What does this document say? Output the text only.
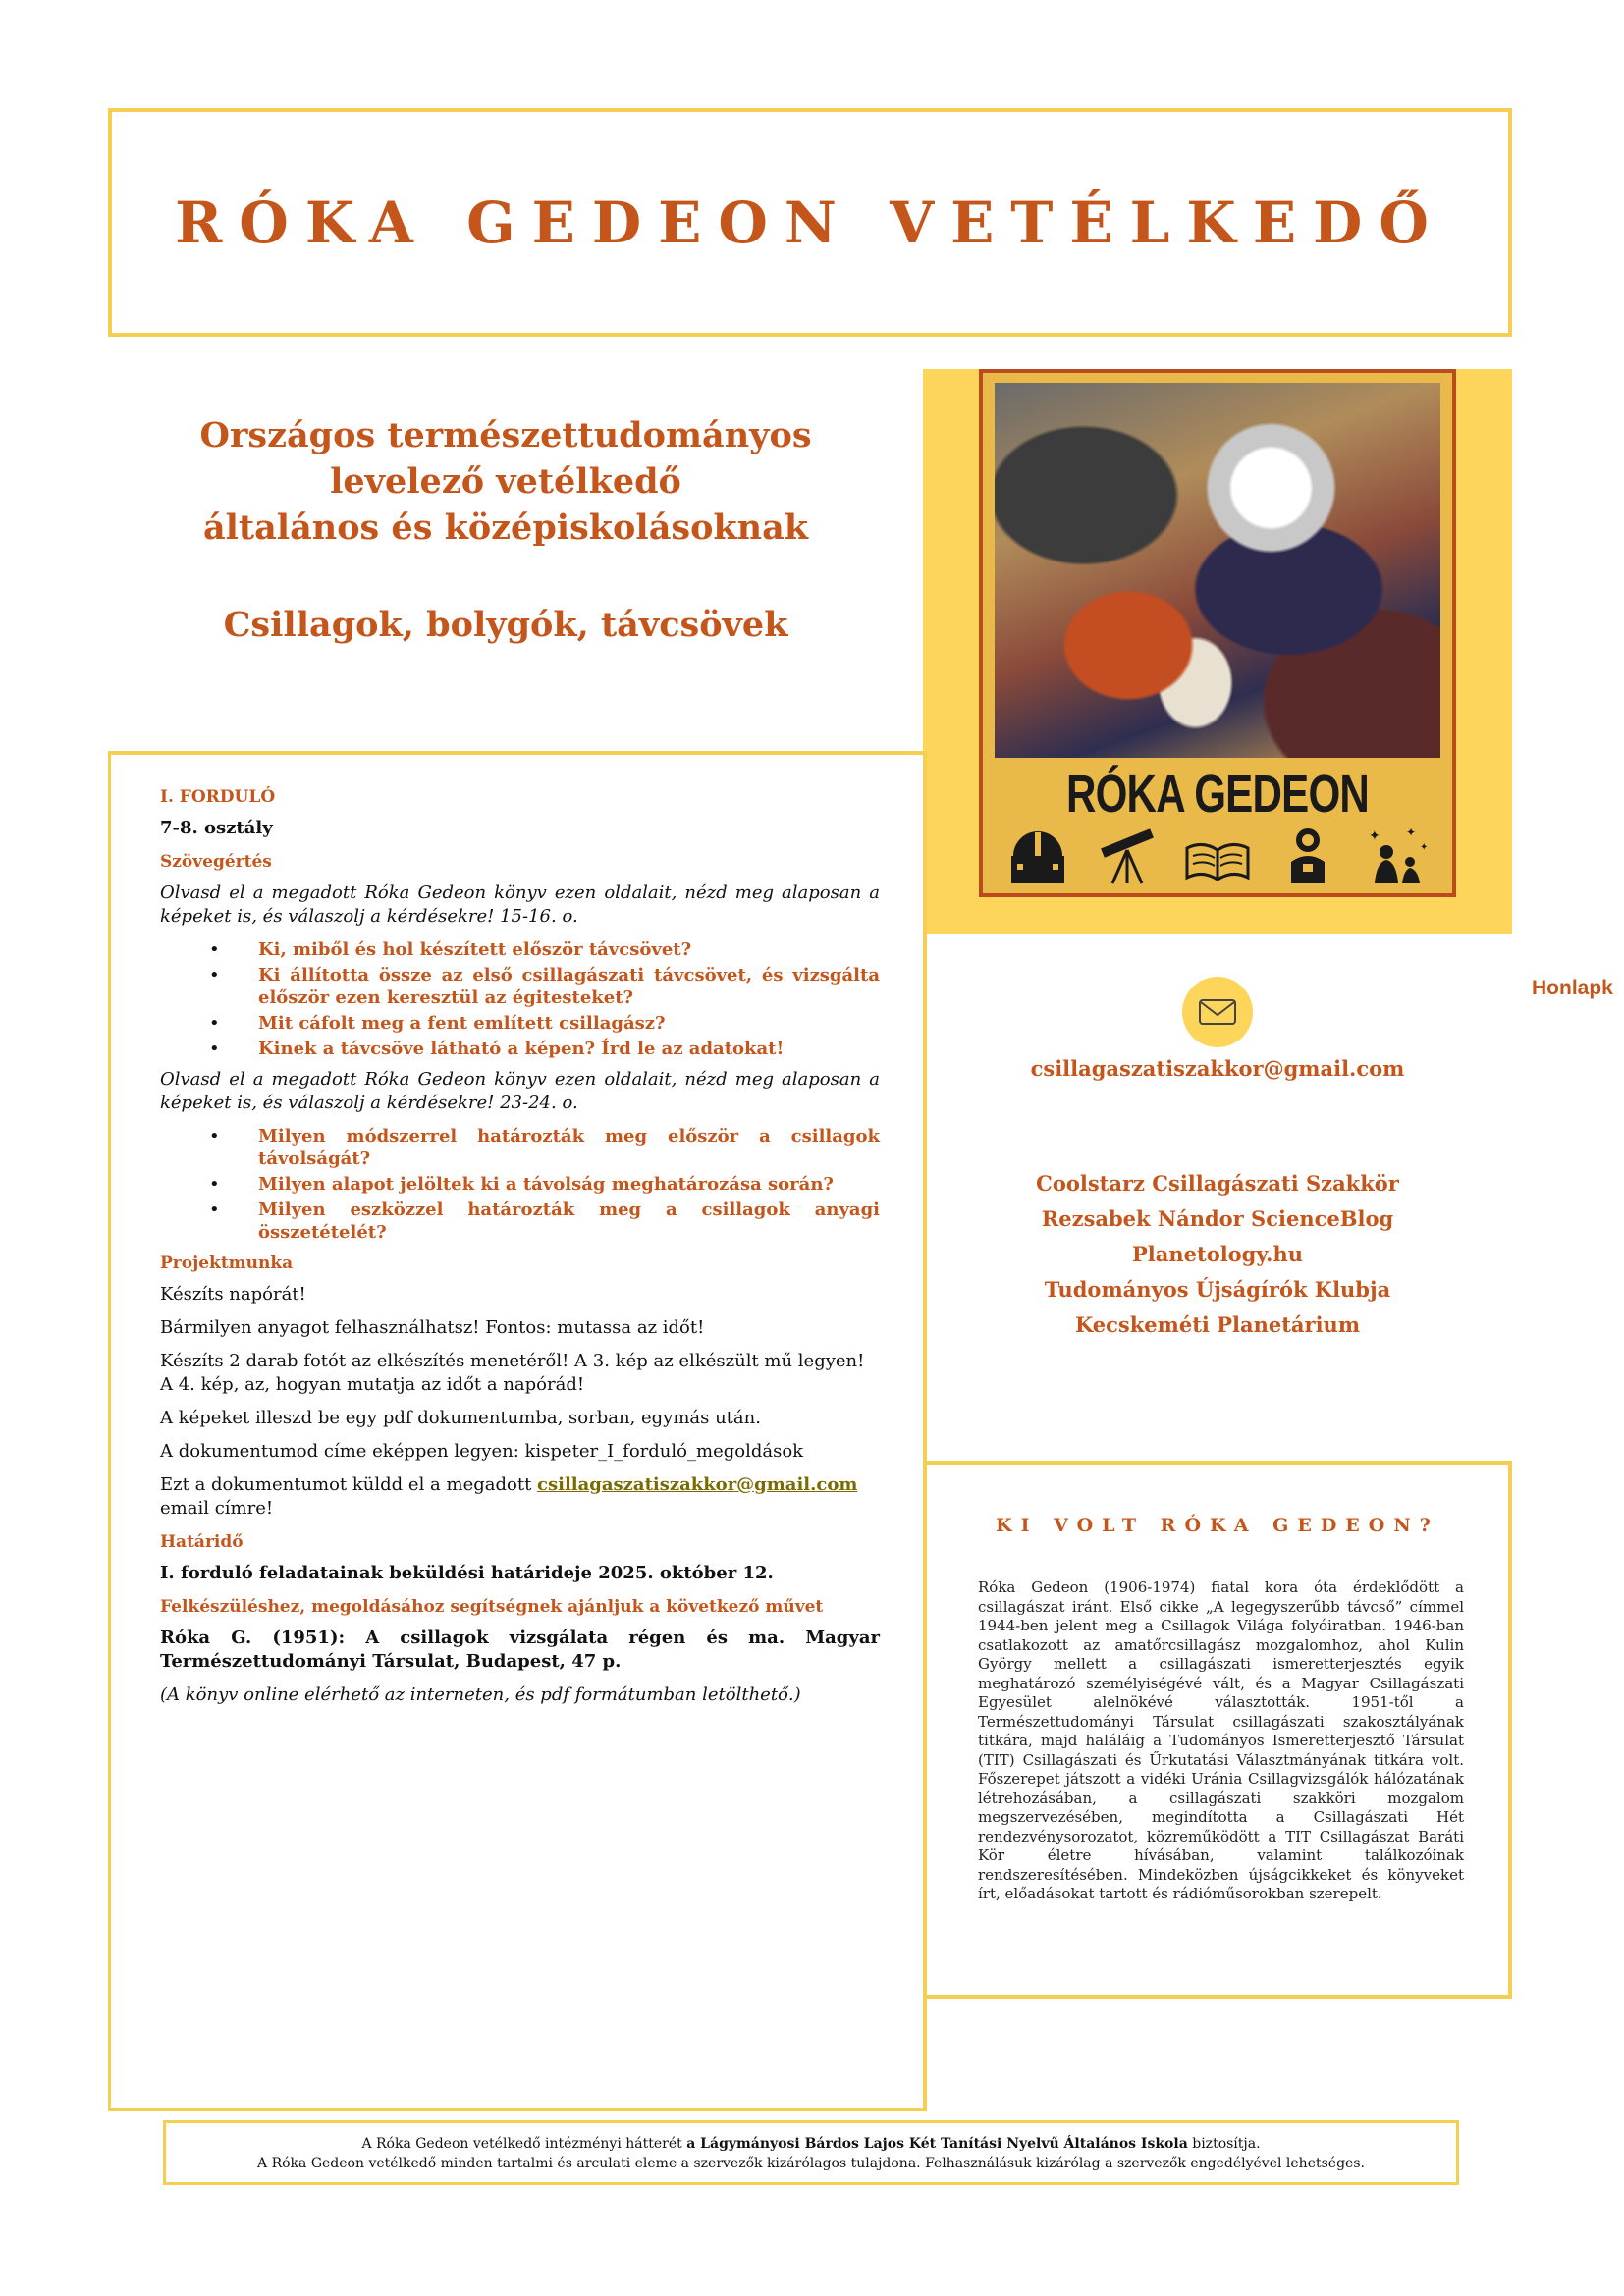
RÓKA GEDEON VETÉLKEDŐ
Országos természettudományos
levelező vetélkedő
általános és középiskolásoknak
Csillagok, bolygók, távcsövek
RÓKA GEDEON
✦ ✦
✦
Honlapk
csillagaszatiszakkor@gmail.com
Coolstarz Csillagászati Szakkör
Rezsabek Nándor ScienceBlog
Planetology.hu
Tudományos Újságírók Klubja
Kecskeméti Planetárium
I. FORDULÓ

7-8. osztály

Szövegértés

Olvasd el a megadott Róka Gedeon könyv ezen oldalait, nézd meg alaposan a képeket is, és válaszolj a kérdésekre! 15-16. o.

• Ki, miből és hol készített először távcsövet?
• Ki állította össze az első csillagászati távcsövet, és vizsgálta először ezen keresztül az égitesteket?
• Mit cáfolt meg a fent említett csillagász?
• Kinek a távcsöve látható a képen? Írd le az adatokat!

Olvasd el a megadott Róka Gedeon könyv ezen oldalait, nézd meg alaposan a képeket is, és válaszolj a kérdésekre! 23-24. o.

• Milyen módszerrel határozták meg először a csillagok távolságát?
• Milyen alapot jelöltek ki a távolság meghatározása során?
• Milyen eszközzel határozták meg a csillagok anyagi összetételét?
Projektmunka

Készíts napórát!

Bármilyen anyagot felhasználhatsz! Fontos: mutassa az időt!

Készíts 2 darab fotót az elkészítés menetéről! A 3. kép az elkészült mű legyen! A 4. kép, az, hogyan mutatja az időt a napórád!

A képeket illeszd be egy pdf dokumentumba, sorban, egymás után.

A dokumentumod címe eképpen legyen: kispeter_I_forduló_megoldások

Ezt a dokumentumot küldd el a megadott csillagaszatiszakkor@gmail.com email címre!

Határidő

I. forduló feladatainak beküldési határideje 2025. október 12.

Felkészüléshez, megoldásához segítségnek ajánljuk a következő művet

Róka G. (1951): A csillagok vizsgálata régen és ma. Magyar Természettudományi Társulat, Budapest, 47 p.

(A könyv online elérhető az interneten, és pdf formátumban letölthető.)

KI VOLT RÓKA GEDEON?
Róka Gedeon (1906-1974) fiatal kora óta érdeklődött a csillagászat iránt. Első cikke „A legegyszerűbb távcső” címmel 1944-ben jelent meg a Csillagok Világa folyóiratban. 1946-ban csatlakozott az amatőrcsillagász mozgalomhoz, ahol Kulin György mellett a csillagászati ismeretterjesztés egyik meghatározó személyiségévé vált, és a Magyar Csillagászati Egyesület alelnökévé választották. 1951-től a Természettudományi Társulat csillagászati szakosztályának titkára, majd haláláig a Tudományos Ismeretterjesztő Társulat (TIT) Csillagászati és Űrkutatási Választmányának titkára volt. Főszerepet játszott a vidéki Uránia Csillagvizsgálók hálózatának létrehozásában, a csillagászati szakköri mozgalom megszervezésében, megindította a Csillagászati Hét rendezvénysorozatot, közreműködött a TIT Csillagászat Baráti Kör életre hívásában, valamint találkozóinak rendszeresítésében. Mindeközben újságcikkeket és könyveket írt, előadásokat tartott és rádióműsorokban szerepelt.
A Róka Gedeon vetélkedő intézményi hátterét a Lágymányosi Bárdos Lajos Két Tanítási Nyelvű Általános Iskola biztosítja.
A Róka Gedeon vetélkedő minden tartalmi és arculati eleme a szervezők kizárólagos tulajdona. Felhasználásuk kizárólag a szervezők engedélyével lehetséges.
